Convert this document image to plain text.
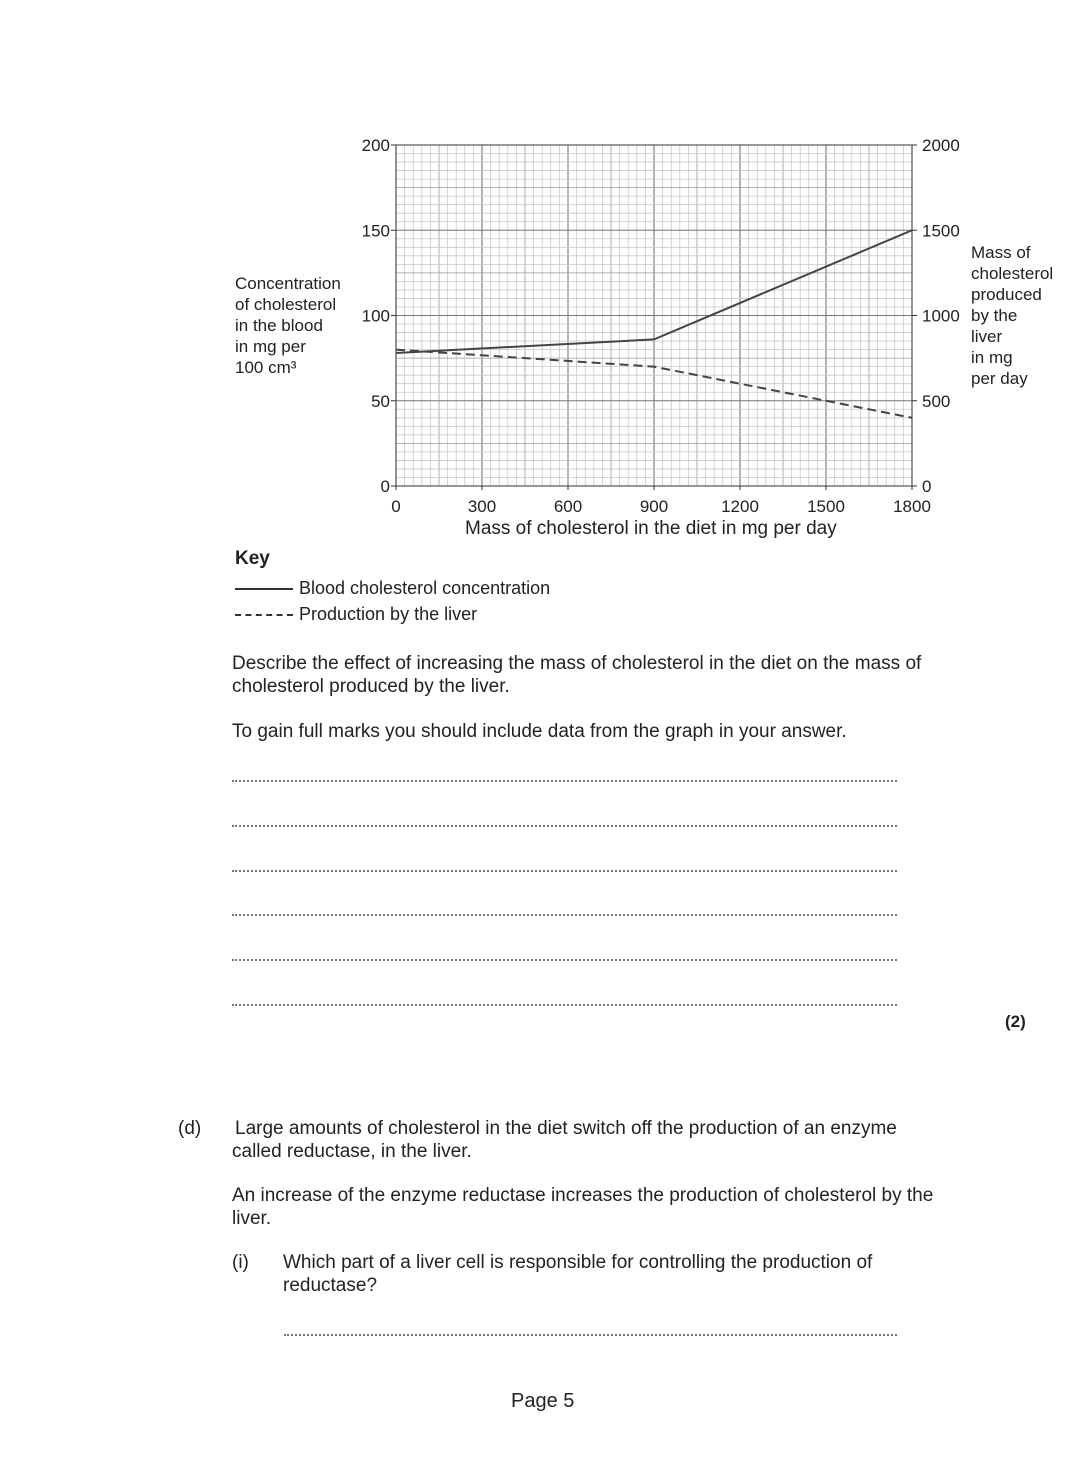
0
50
100
150
200
0
500
1000
1500
2000
0	300	600	900	1200	1500	1800
Concentration
of cholesterol
in the blood
in mg per
100 cm³
Mass of
cholesterol
produced
by the
liver
in mg
per day
Mass of cholesterol in the diet in mg per day
Key
Blood cholesterol concentration
Production by the liver
Describe the effect of increasing the mass of cholesterol in the diet on the mass of
cholesterol produced by the liver.
To gain full marks you should include data from the graph in your answer.
(2)
(d) Large amounts of cholesterol in the diet switch off the production of an enzyme
called reductase, in the liver.
An increase of the enzyme reductase increases the production of cholesterol by the
liver.
(i) Which part of a liver cell is responsible for controlling the production of
reductase?
Page 5
